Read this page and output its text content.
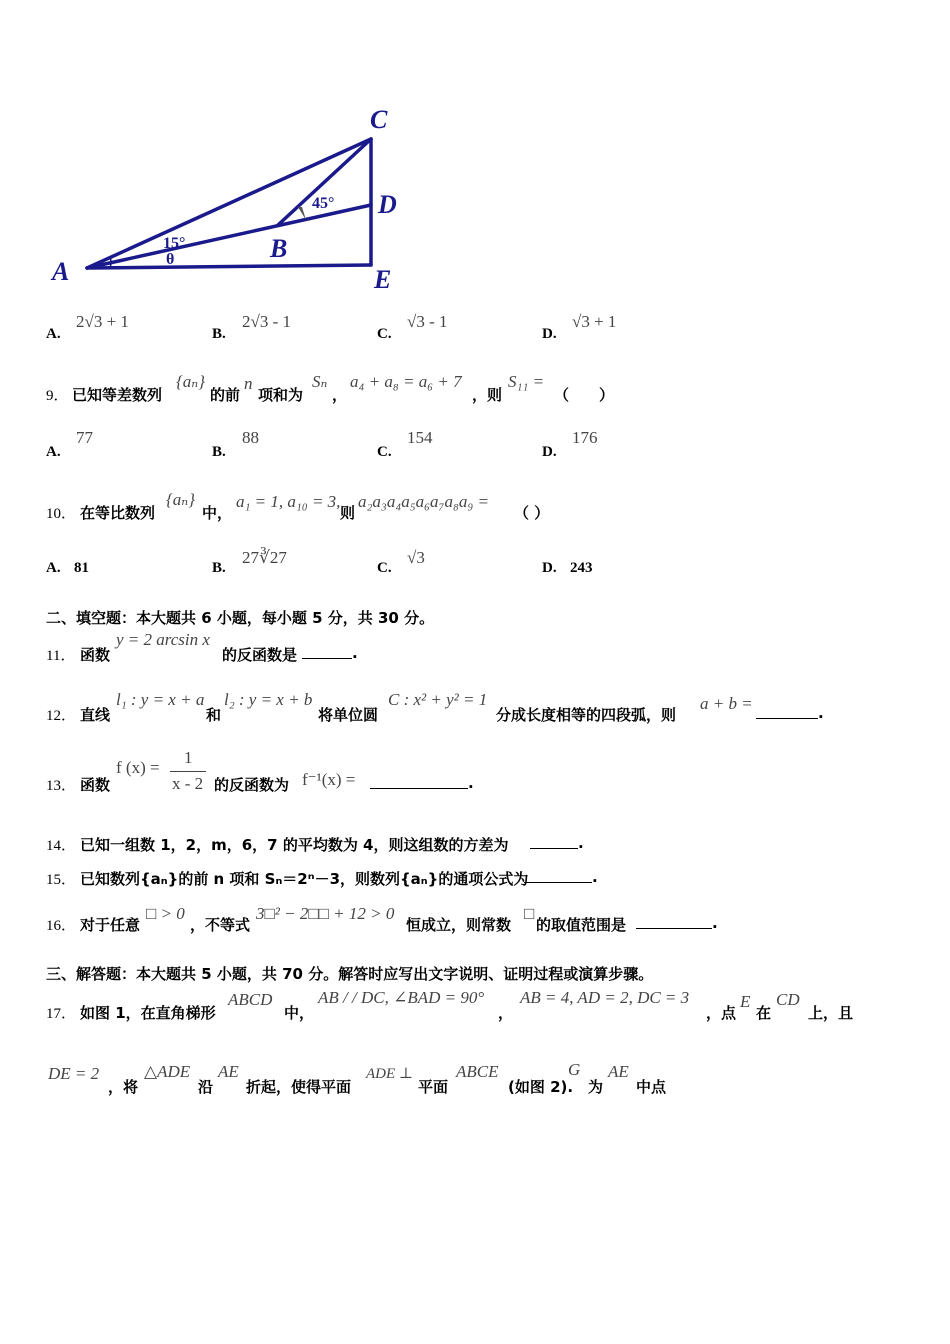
C
D
E
A
B
15°
θ
45°
A.
2√3 + 1
B.
2√3 - 1
C.
√3 - 1
D.
√3 + 1
9． 已知等差数列
{aₙ}
的前
n
项和为
Sₙ
，
a₄ + a₈ = a₆ + 7
，则
S₁₁ =
（　　）
A.
77
B.
88
C.
154
D.
176
10． 在等比数列
{aₙ}
中，
a₁ = 1, a₁₀ = 3,
则
a₂a₃a₄a₅a₆a₇a₈a₉ =
（ ）
A. 81	B.
27∛27
C.
√3
D. 243
二、填空题：本大题共 6 小题，每小题 5 分，共 30 分。
11． 函数
y = 2 arcsin x
的反函数是	.
12． 直线
l₁ : y = x + a
和
l₂ : y = x + b
将单位圆
C : x² + y² = 1
分成长度相等的四段弧，则
a + b =	.
13． 函数
f (x) =
1
x - 2 的反函数为 f⁻¹(x) =	.
14． 已知一组数 1，2，m，6，7 的平均数为 4，则这组数的方差为	.
15． 已知数列{aₙ}的前 n 项和 Sₙ＝2ⁿ－3，则数列{aₙ}的通项公式为	.
16． 对于任意
□ > 0
，不等式
3□² − 2□□ + 12 > 0
恒成立，则常数
□
的取值范围是	.
三、解答题：本大题共 5 小题，共 70 分。解答时应写出文字说明、证明过程或演算步骤。
17． 如图 1，在直角梯形
ABCD
中，
AB / / DC, ∠BAD = 90°
，
AB = 4, AD = 2, DC = 3
，点
E
在
CD
上，且
DE = 2
，将
△ADE
沿
AE
折起，使得平面
ADE ⊥
平面
ABCE
(如图 2).
G
为
AE
中点
